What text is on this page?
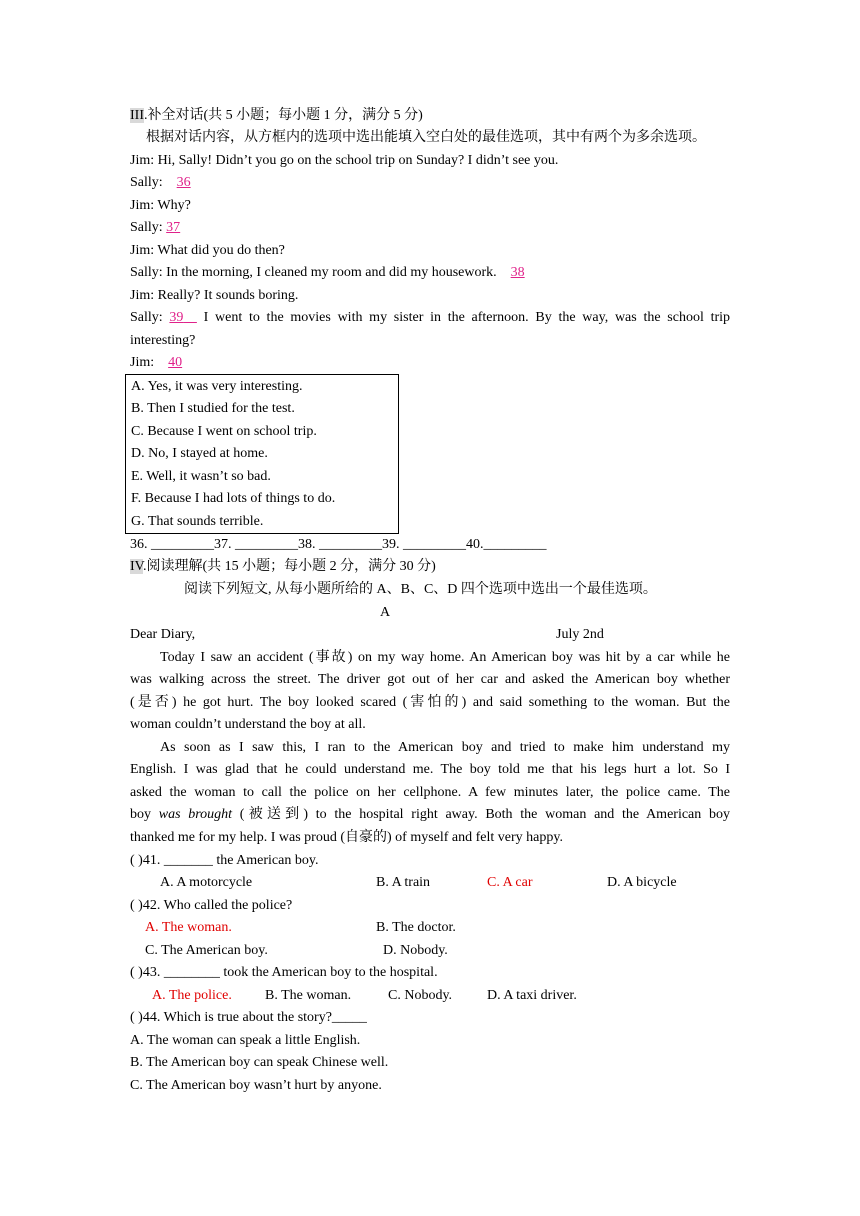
III.补全对话(共 5 小题；每小题 1 分，满分 5 分)
根据对话内容，从方框内的选项中选出能填入空白处的最佳选项，其中有两个为多余选项。
Jim: Hi, Sally! Didn’t you go on the school trip on Sunday? I didn’t see you.
Sally: 36
Jim: Why?
Sally: 37
Jim: What did you do then?
Sally: In the morning, I cleaned my room and did my housework. 38
Jim: Really? It sounds boring.
Sally: 39 I went to the movies with my sister in the afternoon. By the way, was the school trip
interesting?
Jim: 40
A. Yes, it was very interesting.
B. Then I studied for the test.
C. Because I went on school trip.
D. No, I stayed at home.
E. Well, it wasn’t so bad.
F. Because I had lots of things to do.
G. That sounds terrible.
36. _________37. _________38. _________39. _________40._________
IV.阅读理解(共 15 小题；每小题 2 分，满分 30 分)
阅读下列短文, 从每小题所给的 A、B、C、D 四个选项中选出一个最佳选项。
A
Dear Diary,	July 2nd
Today I saw an accident (事故) on my way home. An American boy was hit by a car while he
was walking across the street. The driver got out of her car and asked the American boy whether
(是否) he got hurt. The boy looked scared (害怕的) and said something to the woman. But the
woman couldn’t understand the boy at all.
As soon as I saw this, I ran to the American boy and tried to make him understand my
English. I was glad that he could understand me. The boy told me that his legs hurt a lot. So I
asked the woman to call the police on her cellphone. A few minutes later, the police came. The
boy was brought (被送到) to the hospital right away. Both the woman and the American boy
thanked me for my help. I was proud (自豪的) of myself and felt very happy.
( )41. _______ the American boy.
A. A motorcycle	B. A train	C. A car	D. A bicycle
( )42. Who called the police?
A. The woman.	B. The doctor.
C. The American boy.	D. Nobody.
( )43. ________ took the American boy to the hospital.
A. The police. B. The woman.	C. Nobody. D. A taxi driver.
( )44. Which is true about the story?_____
A. The woman can speak a little English.
B. The American boy can speak Chinese well.
C. The American boy wasn’t hurt by anyone.
